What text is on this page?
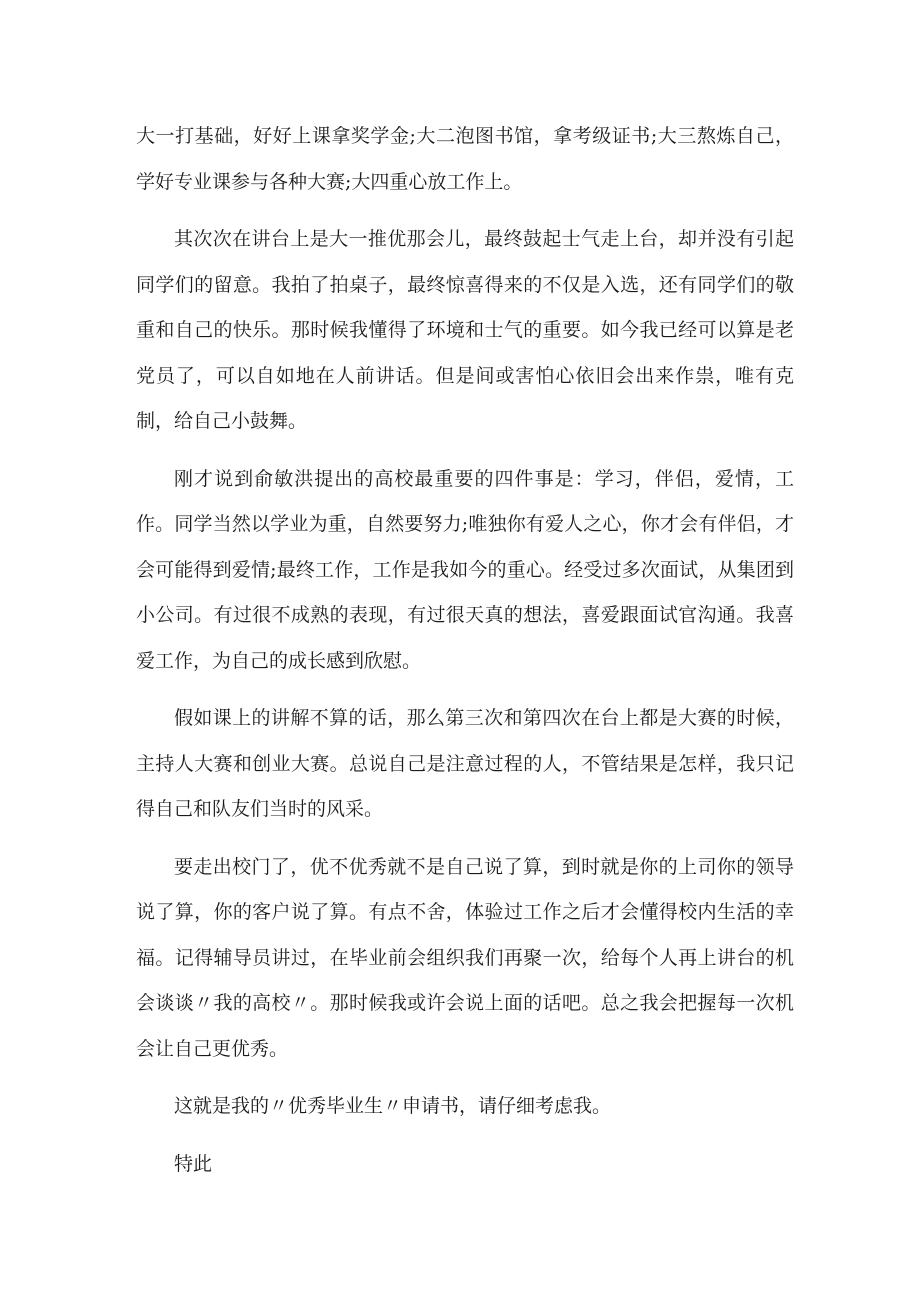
大一打基础，好好上课拿奖学金;大二泡图书馆，拿考级证书;大三熬炼自己，学好专业课参与各种大赛;大四重心放工作上。

其次次在讲台上是大一推优那会儿，最终鼓起士气走上台，却并没有引起同学们的留意。我拍了拍桌子，最终惊喜得来的不仅是入选，还有同学们的敬重和自己的快乐。那时候我懂得了环境和士气的重要。如今我已经可以算是老党员了，可以自如地在人前讲话。但是间或害怕心依旧会出来作祟，唯有克制，给自己小鼓舞。

刚才说到俞敏洪提出的高校最重要的四件事是：学习，伴侣，爱情，工作。同学当然以学业为重，自然要努力;唯独你有爱人之心，你才会有伴侣，才会可能得到爱情;最终工作，工作是我如今的重心。经受过多次面试，从集团到小公司。有过很不成熟的表现，有过很天真的想法，喜爱跟面试官沟通。我喜爱工作，为自己的成长感到欣慰。

假如课上的讲解不算的话，那么第三次和第四次在台上都是大赛的时候，主持人大赛和创业大赛。总说自己是注意过程的人，不管结果是怎样，我只记得自己和队友们当时的风采。

要走出校门了，优不优秀就不是自己说了算，到时就是你的上司你的领导说了算，你的客户说了算。有点不舍，体验过工作之后才会懂得校内生活的幸福。记得辅导员讲过，在毕业前会组织我们再聚一次，给每个人再上讲台的机会谈谈〃我的高校〃。那时候我或许会说上面的话吧。总之我会把握每一次机会让自己更优秀。

这就是我的〃优秀毕业生〃申请书，请仔细考虑我。

特此
